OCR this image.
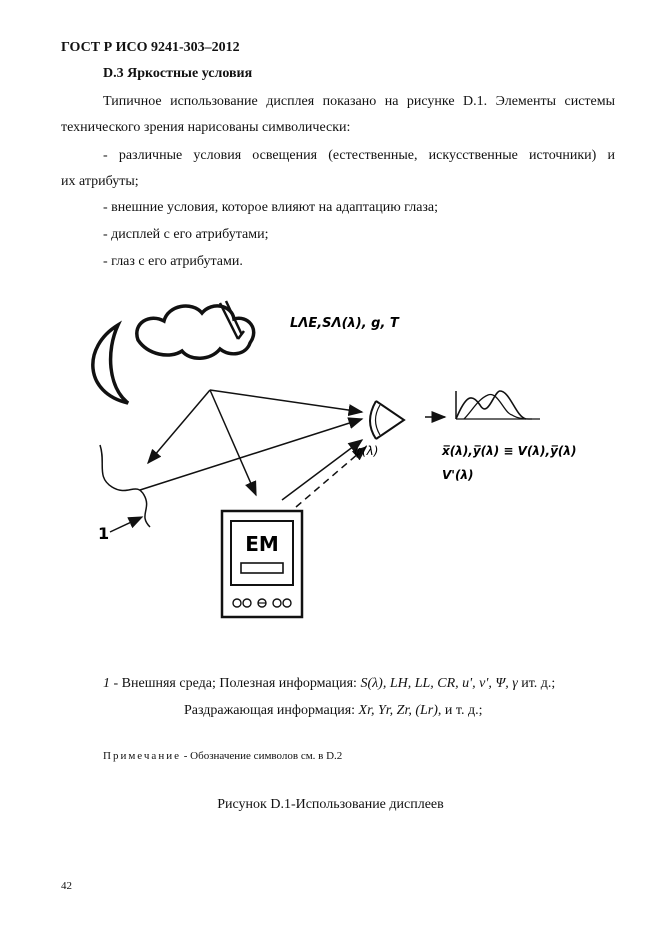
ГОСТ Р ИСО 9241-303–2012
D.3 Яркостные условия
Типичное использование дисплея показано на рисунке D.1. Элементы системы
технического зрения нарисованы символически:
- различные условия освещения (естественные, искусственные источники) и
их атрибуты;
- внешние условия, которое влияют на адаптацию глаза;
- дисплей с его атрибутами;
- глаз с его атрибутами.
LΛE,SΛ(λ), g, T
1
φ(λ)	x̅(λ),y̅(λ) ≡ V(λ),y̅(λ)
V'(λ)
EM
1 - Внешняя среда; Полезная информация: S(λ), LH, LL, CR, u', v', Ψ, γ ит. д.;
Раздражающая информация: Xr, Yr, Zr, (Lr), и т. д.;
Примечание - Обозначение символов см. в D.2
Рисунок D.1-Использование дисплеев
42
